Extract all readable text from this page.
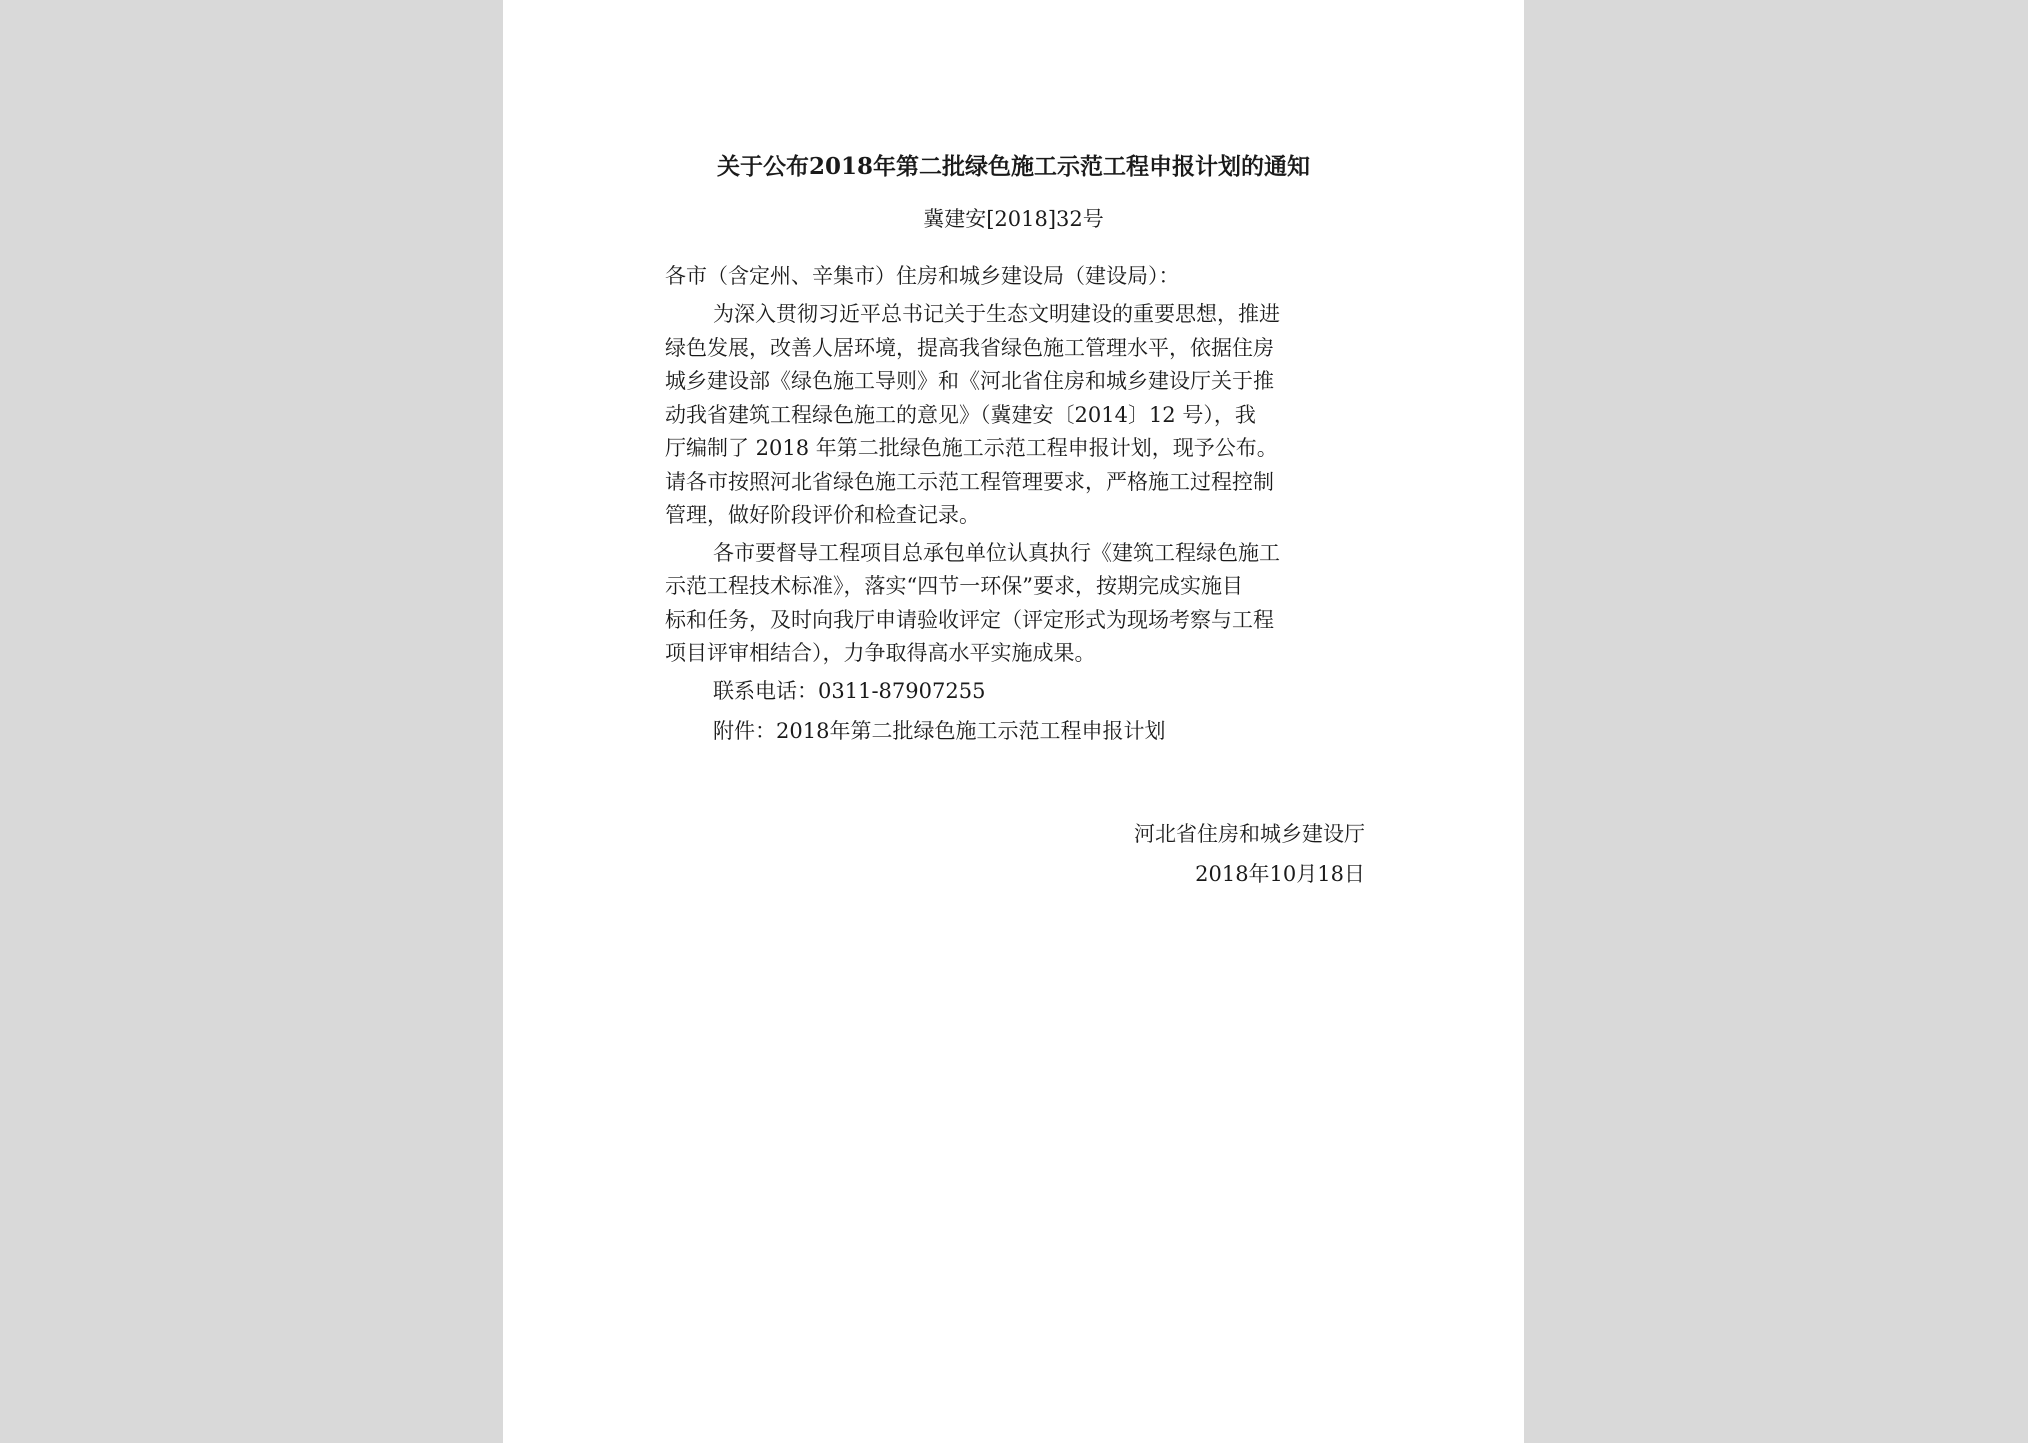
关于公布2018年第二批绿色施工示范工程申报计划的通知
冀建安[2018]32号
各市（含定州、辛集市）住房和城乡建设局（建设局）：
为深入贯彻习近平总书记关于生态文明建设的重要思想，推进
绿色发展，改善人居环境，提高我省绿色施工管理水平，依据住房
城乡建设部《绿色施工导则》和《河北省住房和城乡建设厅关于推
动我省建筑工程绿色施工的意见》（冀建安〔2014〕12 号），我
厅编制了 2018 年第二批绿色施工示范工程申报计划，现予公布。
请各市按照河北省绿色施工示范工程管理要求，严格施工过程控制
管理，做好阶段评价和检查记录。
各市要督导工程项目总承包单位认真执行《建筑工程绿色施工
示范工程技术标准》，落实“四节一环保”要求，按期完成实施目
标和任务，及时向我厅申请验收评定（评定形式为现场考察与工程
项目评审相结合），力争取得高水平实施成果。
联系电话：0311-87907255
附件：2018年第二批绿色施工示范工程申报计划
河北省住房和城乡建设厅
2018年10月18日
